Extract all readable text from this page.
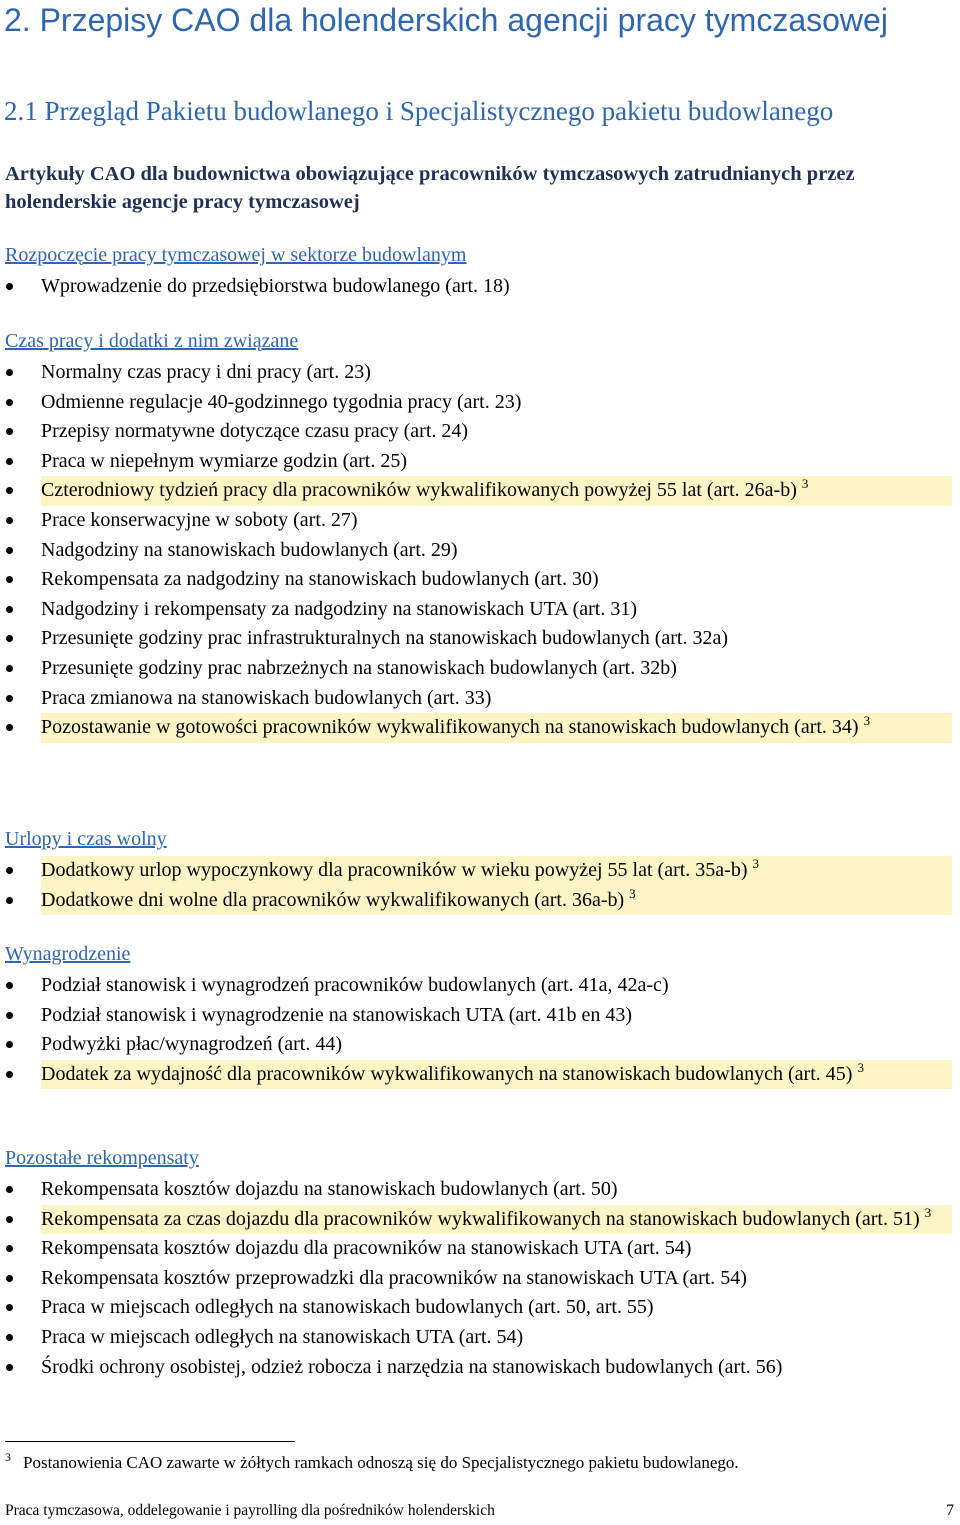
2. Przepisy CAO dla holenderskich agencji pracy tymczasowej
2.1 Przegląd Pakietu budowlanego i Specjalistycznego pakietu budowlanego
Artykuły CAO dla budownictwa obowiązujące pracowników tymczasowych zatrudnianych przez holenderskie agencje pracy tymczasowej
Rozpoczęcie pracy tymczasowej w sektorze budowlanym
Wprowadzenie do przedsiębiorstwa budowlanego (art. 18)
Czas pracy i dodatki z nim związane
Normalny czas pracy i dni pracy (art. 23)
Odmienne regulacje 40-godzinnego tygodnia pracy (art. 23)
Przepisy normatywne dotyczące czasu pracy (art. 24)
Praca w niepełnym wymiarze godzin (art. 25)
Czterodniowy tydzień pracy dla pracowników wykwalifikowanych powyżej 55 lat (art. 26a-b) $^3$
Prace konserwacyjne w soboty (art. 27)
Nadgodziny na stanowiskach budowlanych (art. 29)
Rekompensata za nadgodziny na stanowiskach budowlanych (art. 30)
Nadgodziny i rekompensaty za nadgodziny na stanowiskach UTA (art. 31)
Przesunięte godziny prac infrastrukturalnych na stanowiskach budowlanych (art. 32a)
Przesunięte godziny prac nabrzeżnych na stanowiskach budowlanych (art. 32b)
Praca zmianowa na stanowiskach budowlanych (art. 33)
Pozostawanie w gotowości pracowników wykwalifikowanych na stanowiskach budowlanych (art. 34) $^3$
Urlopy i czas wolny
Dodatkowy urlop wypoczynkowy dla pracowników w wieku powyżej 55 lat (art. 35a-b) $^3$
Dodatkowe dni wolne dla pracowników wykwalifikowanych (art. 36a-b) $^3$
Wynagrodzenie
Podział stanowisk i wynagrodzeń pracowników budowlanych (art. 41a, 42a-c)
Podział stanowisk i wynagrodzenie na stanowiskach UTA (art. 41b en 43)
Podwyżki płac/wynagrodzeń (art. 44)
Dodatek za wydajność dla pracowników wykwalifikowanych na stanowiskach budowlanych (art. 45) $^3$
Pozostałe rekompensaty
Rekompensata kosztów dojazdu na stanowiskach budowlanych (art. 50)
Rekompensata za czas dojazdu dla pracowników wykwalifikowanych na stanowiskach budowlanych (art. 51) $^3$
Rekompensata kosztów dojazdu dla pracowników na stanowiskach UTA (art. 54)
Rekompensata kosztów przeprowadzki dla pracowników na stanowiskach UTA (art. 54)
Praca w miejscach odległych na stanowiskach budowlanych (art. 50, art. 55)
Praca w miejscach odległych na stanowiskach UTA (art. 54)
Środki ochrony osobistej, odzież robocza i narzędzia na stanowiskach budowlanych (art. 56)
$^3$ Postanowienia CAO zawarte w żółtych ramkach odnoszą się do Specjalistycznego pakietu budowlanego.
Praca tymczasowa, oddelegowanie i payrolling dla pośredników holenderskich	7
